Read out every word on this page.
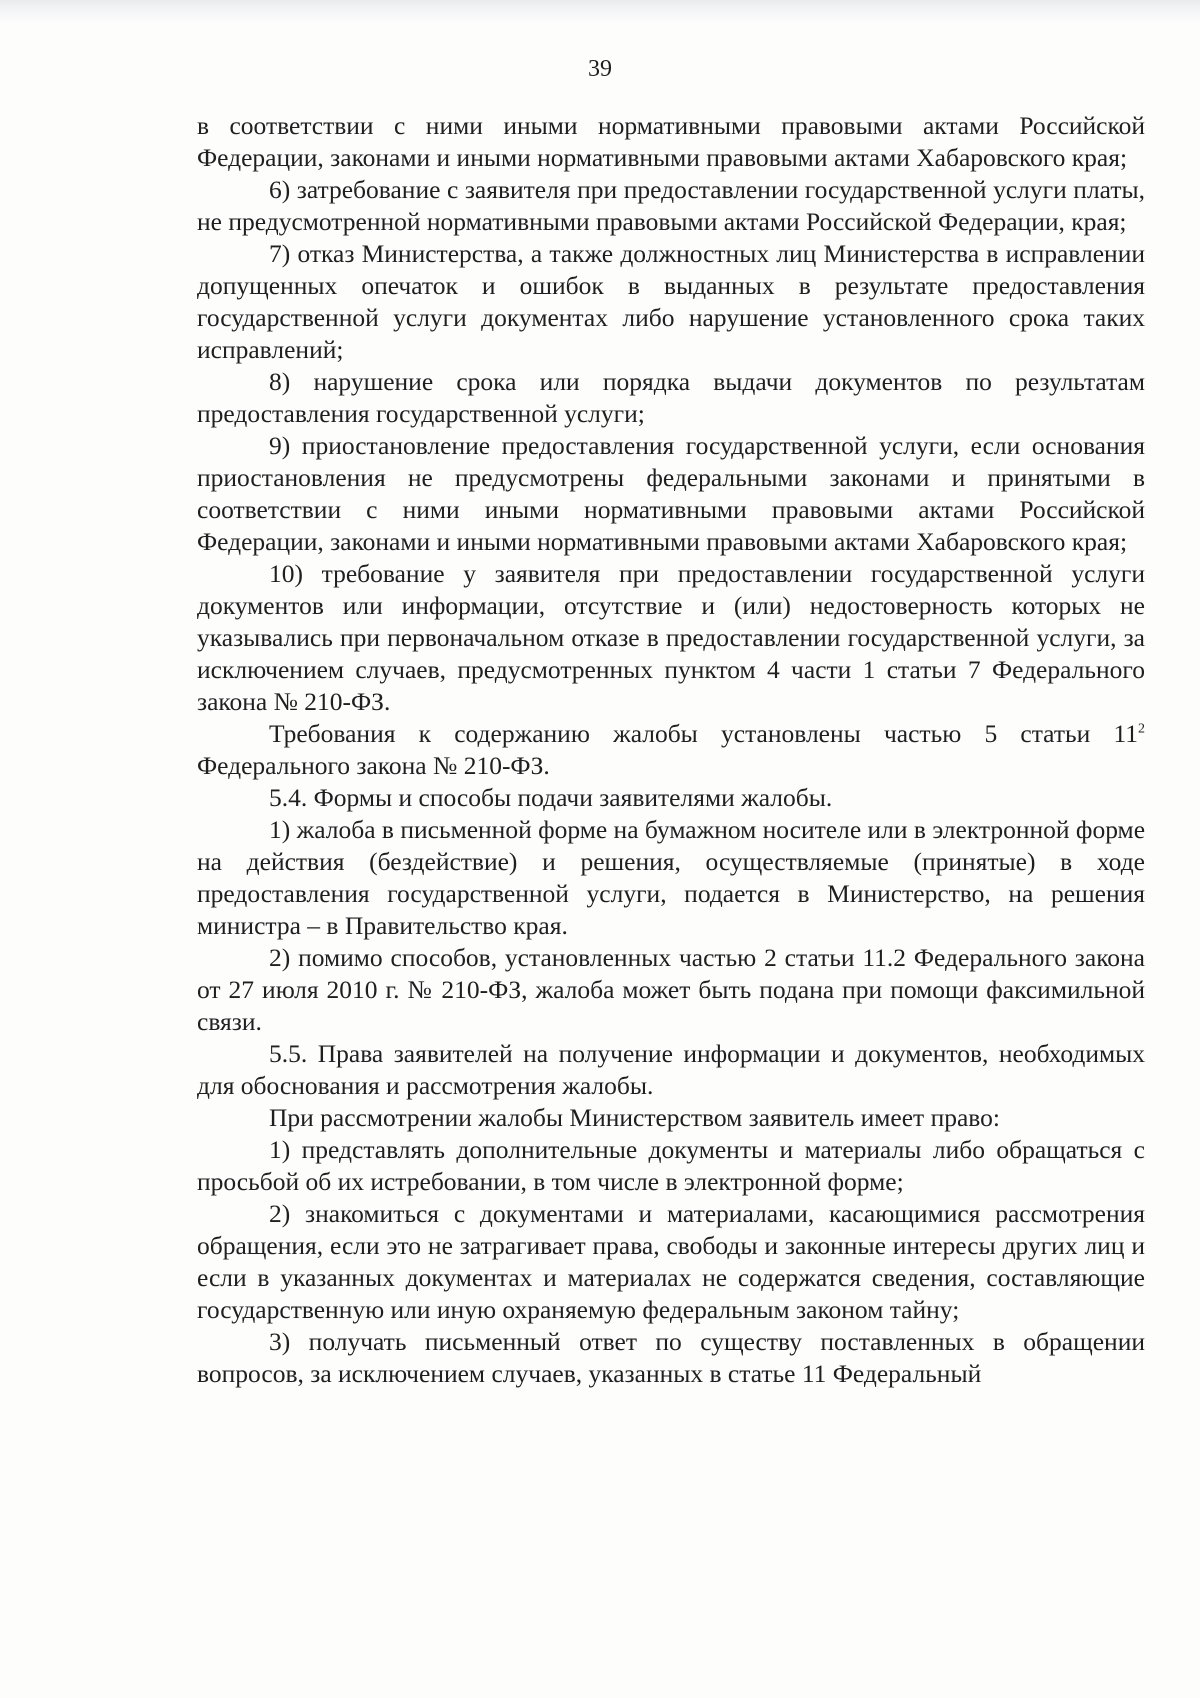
39

в соответствии с ними иными нормативными правовыми актами Российской Федерации, законами и иными нормативными правовыми актами Хабаровского края;

6) затребование с заявителя при предоставлении государственной услуги платы, не предусмотренной нормативными правовыми актами Российской Федерации, края;

7) отказ Министерства, а также должностных лиц Министерства в исправлении допущенных опечаток и ошибок в выданных в результате предоставления государственной услуги документах либо нарушение установленного срока таких исправлений;

8) нарушение срока или порядка выдачи документов по результатам предоставления государственной услуги;

9) приостановление предоставления государственной услуги, если основания приостановления не предусмотрены федеральными законами и принятыми в соответствии с ними иными нормативными правовыми актами Российской Федерации, законами и иными нормативными правовыми актами Хабаровского края;

10) требование у заявителя при предоставлении государственной услуги документов или информации, отсутствие и (или) недостоверность которых не указывались при первоначальном отказе в предоставлении государственной услуги, за исключением случаев, предусмотренных пунктом 4 части 1 статьи 7 Федерального закона № 210-ФЗ.

Требования к содержанию жалобы установлены частью 5 статьи $11^2$ Федерального закона № 210-ФЗ.

5.4. Формы и способы подачи заявителями жалобы.

1) жалоба в письменной форме на бумажном носителе или в электронной форме на действия (бездействие) и решения, осуществляемые (принятые) в ходе предоставления государственной услуги, подается в Министерство, на решения министра – в Правительство края.

2) помимо способов, установленных частью 2 статьи 11.2 Федерального закона от 27 июля 2010 г. № 210-ФЗ, жалоба может быть подана при помощи факсимильной связи.

5.5. Права заявителей на получение информации и документов, необходимых для обоснования и рассмотрения жалобы.

При рассмотрении жалобы Министерством заявитель имеет право:

1) представлять дополнительные документы и материалы либо обращаться с просьбой об их истребовании, в том числе в электронной форме;

2) знакомиться с документами и материалами, касающимися рассмотрения обращения, если это не затрагивает права, свободы и законные интересы других лиц и если в указанных документах и материалах не содержатся сведения, составляющие государственную или иную охраняемую федеральным законом тайну;

3) получать письменный ответ по существу поставленных в обращении вопросов, за исключением случаев, указанных в статье 11 Федеральный
